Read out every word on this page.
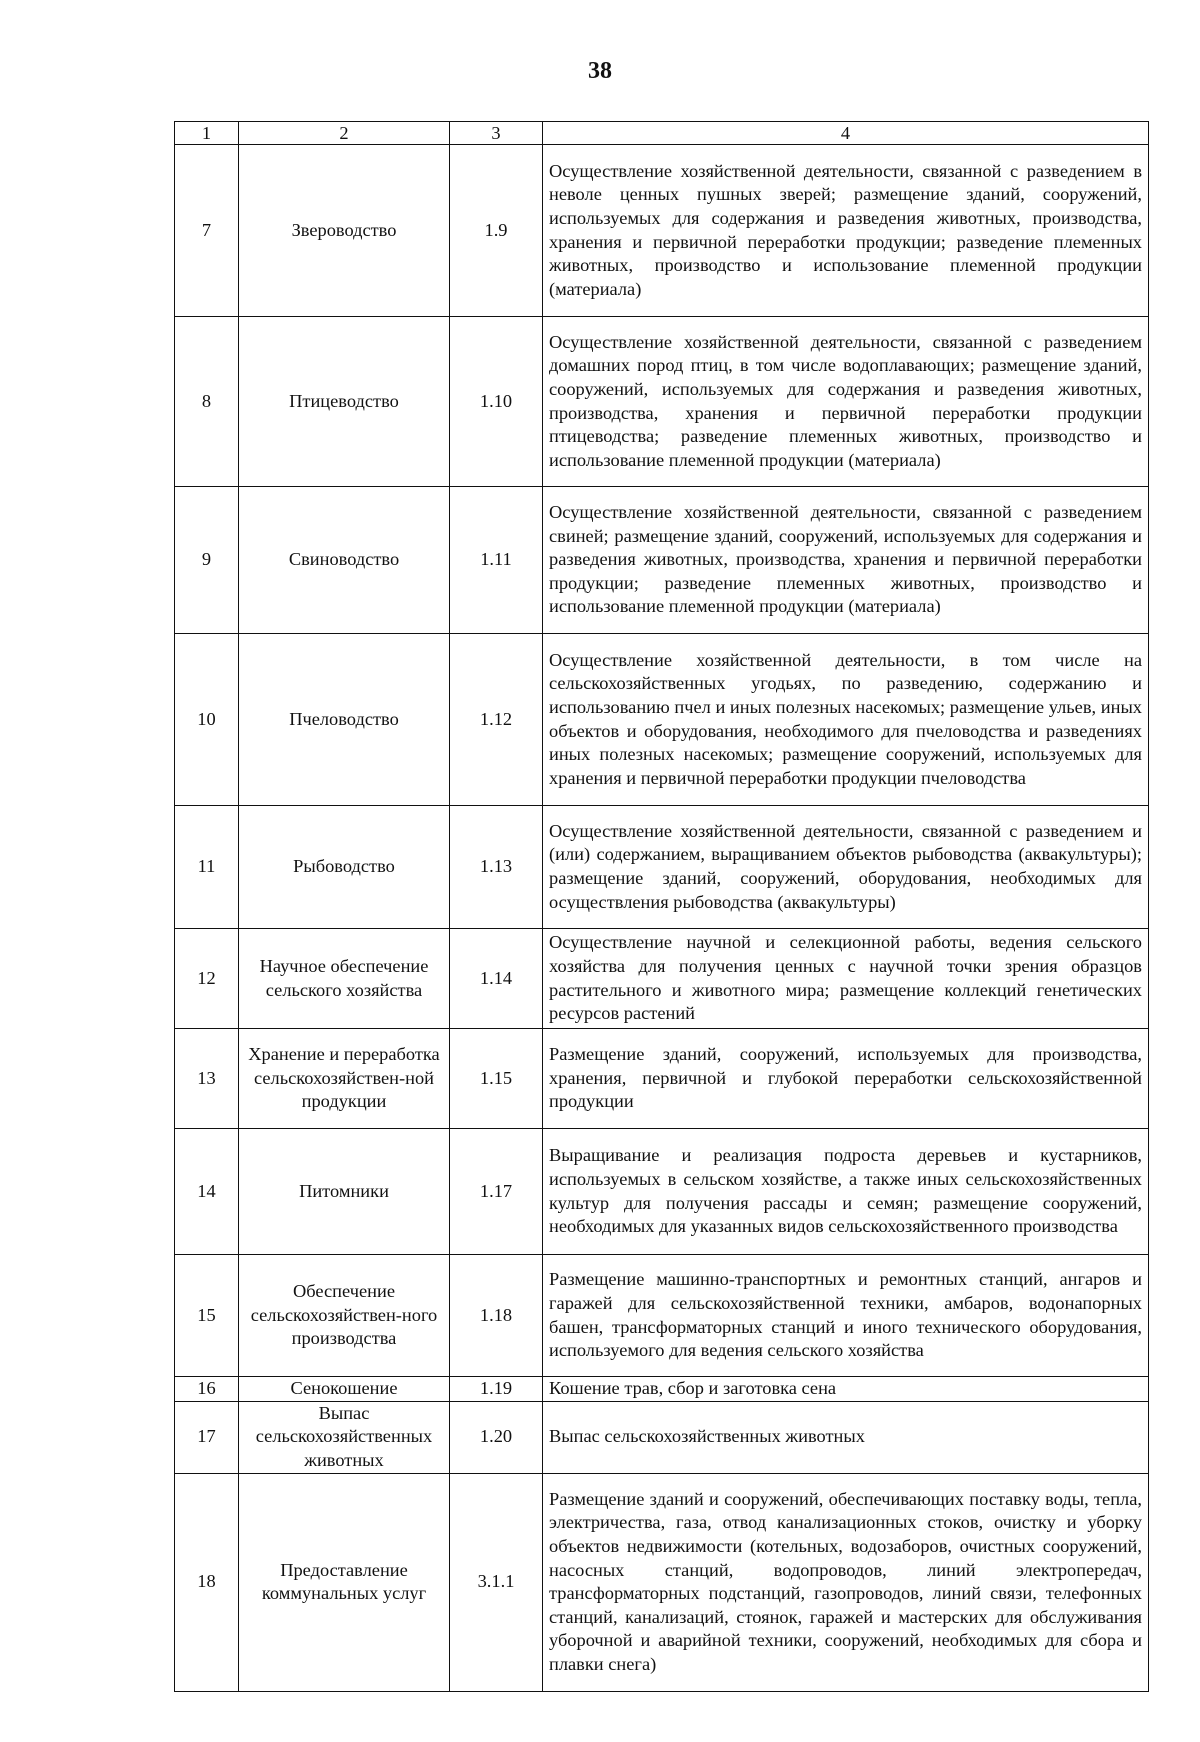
38
1	2	3	4
7	Звероводство	1.9	Осуществление хозяйственной деятельности, связанной с разведением в неволе ценных пушных зверей; размещение зданий, сооружений, используемых для содержания и разведения животных, производства, хранения и первичной переработки продукции; разведение племенных животных, производство и использование племенной продукции (материала)
8	Птицеводство	1.10	Осуществление хозяйственной деятельности, связанной с разведением домашних пород птиц, в том числе водоплавающих; размещение зданий, сооружений, используемых для содержания и разведения животных, производства, хранения и первичной переработки продукции птицеводства; разведение племенных животных, производство и использование племенной продукции (материала)
9	Свиноводство	1.11	Осуществление хозяйственной деятельности, связанной с разведением свиней; размещение зданий, сооружений, используемых для содержания и разведения животных, производства, хранения и первичной переработки продукции; разведение племенных животных, производство и использование племенной продукции (материала)
10	Пчеловодство	1.12	Осуществление хозяйственной деятельности, в том числе на сельскохозяйственных угодьях, по разведению, содержанию и использованию пчел и иных полезных насекомых; размещение ульев, иных объектов и оборудования, необходимого для пчеловодства и разведениях иных полезных насекомых; размещение сооружений, используемых для хранения и первичной переработки продукции пчеловодства
11	Рыбоводство	1.13	Осуществление хозяйственной деятельности, связанной с разведением и (или) содержанием, выращиванием объектов рыбоводства (аквакультуры); размещение зданий, сооружений, оборудования, необходимых для осуществления рыбоводства (аквакультуры)
12	Научное обеспечение сельского хозяйства	1.14	Осуществление научной и селекционной работы, ведения сельского хозяйства для получения ценных с научной точки зрения образцов растительного и животного мира; размещение коллекций генетических ресурсов растений
13	Хранение и переработка сельскохозяйствен-ной продукции	1.15	Размещение зданий, сооружений, используемых для производства, хранения, первичной и глубокой переработки сельскохозяйственной продукции
14	Питомники	1.17	Выращивание и реализация подроста деревьев и кустарников, используемых в сельском хозяйстве, а также иных сельскохозяйственных культур для получения рассады и семян; размещение сооружений, необходимых для указанных видов сельскохозяйственного производства
15	Обеспечение сельскохозяйствен-ного производства	1.18	Размещение машинно-транспортных и ремонтных станций, ангаров и гаражей для сельскохозяйственной техники, амбаров, водонапорных башен, трансформаторных станций и иного технического оборудования, используемого для ведения сельского хозяйства
16	Сенокошение	1.19	Кошение трав, сбор и заготовка сена
17	Выпас сельскохозяйственных животных	1.20	Выпас сельскохозяйственных животных
18	Предоставление коммунальных услуг	3.1.1	Размещение зданий и сооружений, обеспечивающих поставку воды, тепла, электричества, газа, отвод канализационных стоков, очистку и уборку объектов недвижимости (котельных, водозаборов, очистных сооружений, насосных станций, водопроводов, линий электропередач, трансформаторных подстанций, газопроводов, линий связи, телефонных станций, канализаций, стоянок, гаражей и мастерских для обслуживания уборочной и аварийной техники, сооружений, необходимых для сбора и плавки снега)
